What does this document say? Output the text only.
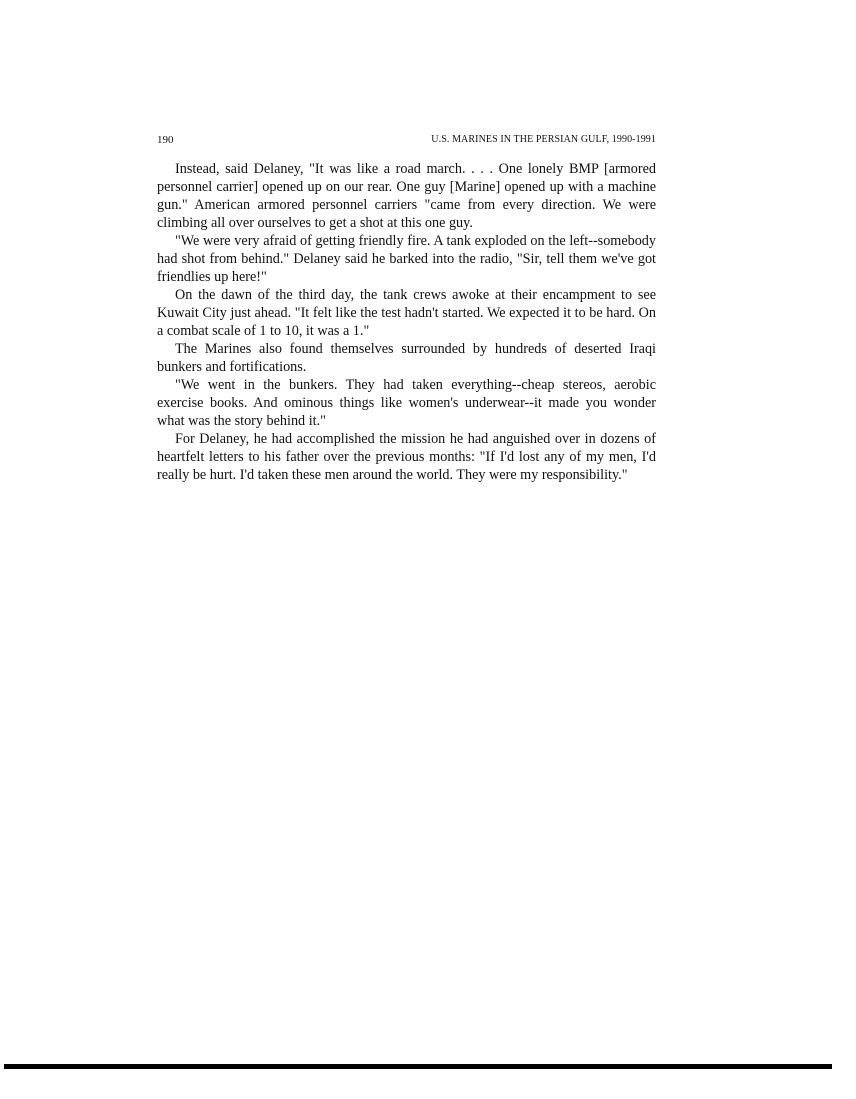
190	U.S. MARINES IN THE PERSIAN GULF, 1990-1991

Instead, said Delaney, "It was like a road march. . . . One lonely BMP [armored personnel carrier] opened up on our rear. One guy [Marine] opened up with a machine gun." American armored personnel carriers "came from every direction. We were climbing all over ourselves to get a shot at this one guy.

"We were very afraid of getting friendly fire. A tank exploded on the left--somebody had shot from behind." Delaney said he barked into the radio, "Sir, tell them we've got friendlies up here!"

On the dawn of the third day, the tank crews awoke at their encampment to see Kuwait City just ahead. "It felt like the test hadn't started. We expected it to be hard. On a combat scale of 1 to 10, it was a 1."

The Marines also found themselves surrounded by hundreds of deserted Iraqi bunkers and fortifications.

"We went in the bunkers. They had taken everything--cheap stereos, aerobic exercise books. And ominous things like women's underwear--it made you wonder what was the story behind it."

For Delaney, he had accomplished the mission he had anguished over in dozens of heartfelt letters to his father over the previous months: "If I'd lost any of my men, I'd really be hurt. I'd taken these men around the world. They were my responsibility."
